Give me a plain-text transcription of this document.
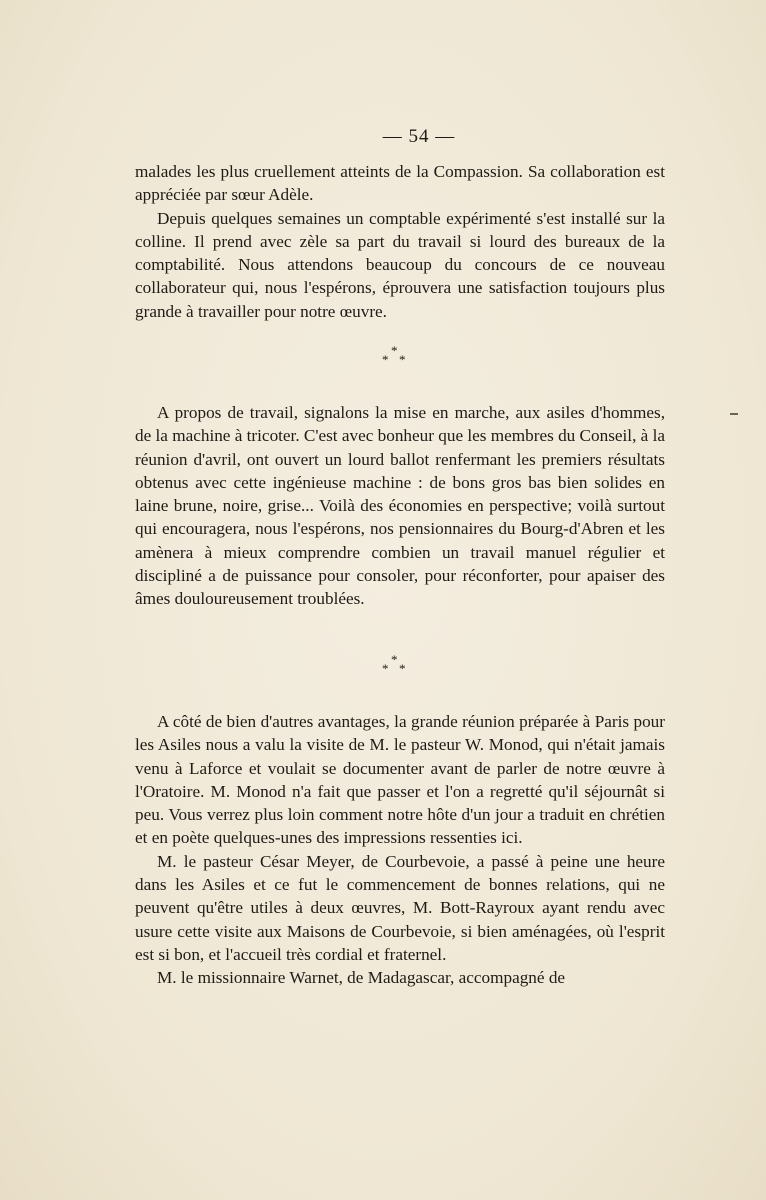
— 54 —

malades les plus cruellement atteints de la Compassion. Sa collaboration est appréciée par sœur Adèle.

Depuis quelques semaines un comptable expérimenté s'est installé sur la colline. Il prend avec zèle sa part du travail si lourd des bureaux de la comptabilité. Nous attendons beaucoup du concours de ce nouveau collaborateur qui, nous l'espérons, éprouvera une satisfaction toujours plus grande à travailler pour notre œuvre.

*
* *

A propos de travail, signalons la mise en marche, aux asiles d'hommes, de la machine à tricoter. C'est avec bonheur que les membres du Conseil, à la réunion d'avril, ont ouvert un lourd ballot renfermant les premiers résultats obtenus avec cette ingénieuse machine : de bons gros bas bien solides en laine brune, noire, grise... Voilà des économies en perspective; voilà surtout qui encouragera, nous l'espérons, nos pensionnaires du Bourg-d'Abren et les amènera à mieux comprendre combien un travail manuel régulier et discipliné a de puissance pour consoler, pour réconforter, pour apaiser des âmes douloureusement troublées.

*
* *

A côté de bien d'autres avantages, la grande réunion préparée à Paris pour les Asiles nous a valu la visite de M. le pasteur W. Monod, qui n'était jamais venu à Laforce et voulait se documenter avant de parler de notre œuvre à l'Oratoire. M. Monod n'a fait que passer et l'on a regretté qu'il séjournât si peu. Vous verrez plus loin comment notre hôte d'un jour a traduit en chrétien et en poète quelques-unes des impressions ressenties ici.

M. le pasteur César Meyer, de Courbevoie, a passé à peine une heure dans les Asiles et ce fut le commencement de bonnes relations, qui ne peuvent qu'être utiles à deux œuvres, M. Bott-Rayroux ayant rendu avec usure cette visite aux Maisons de Courbevoie, si bien aménagées, où l'esprit est si bon, et l'accueil très cordial et fraternel.

M. le missionnaire Warnet, de Madagascar, accompagné de
